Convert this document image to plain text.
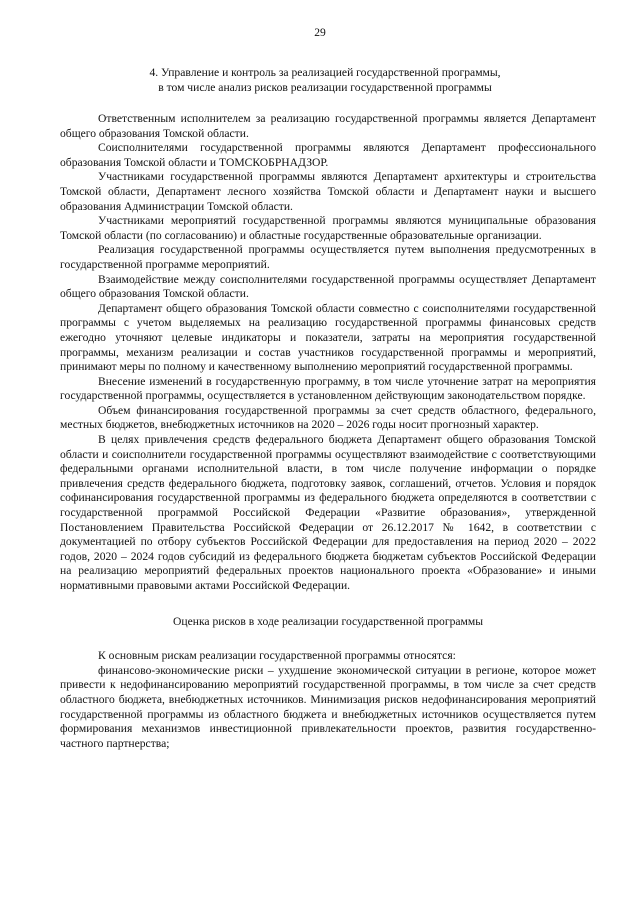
29
4. Управление и контроль за реализацией государственной программы,
в том числе анализ рисков реализации государственной программы

Ответственным исполнителем за реализацию государственной программы является Департамент общего образования Томской области.

Соисполнителями государственной программы являются Департамент профессионального образования Томской области и ТОМСКОБРНАДЗОР.

Участниками государственной программы являются Департамент архитектуры и строительства Томской области, Департамент лесного хозяйства Томской области и Департамент науки и высшего образования Администрации Томской области.

Участниками мероприятий государственной программы являются муниципальные образования Томской области (по согласованию) и областные государственные образовательные организации.

Реализация государственной программы осуществляется путем выполнения предусмотренных в государственной программе мероприятий.

Взаимодействие между соисполнителями государственной программы осуществляет Департамент общего образования Томской области.

Департамент общего образования Томской области совместно с соисполнителями государственной программы с учетом выделяемых на реализацию государственной программы финансовых средств ежегодно уточняют целевые индикаторы и показатели, затраты на мероприятия государственной программы, механизм реализации и состав участников государственной программы и мероприятий, принимают меры по полному и качественному выполнению мероприятий государственной программы.

Внесение изменений в государственную программу, в том числе уточнение затрат на мероприятия государственной программы, осуществляется в установленном действующим законодательством порядке.

Объем финансирования государственной программы за счет средств областного, федерального, местных бюджетов, внебюджетных источников на 2020 – 2026 годы носит прогнозный характер.

В целях привлечения средств федерального бюджета Департамент общего образования Томской области и соисполнители государственной программы осуществляют взаимодействие с соответствующими федеральными органами исполнительной власти, в том числе получение информации о порядке привлечения средств федерального бюджета, подготовку заявок, соглашений, отчетов. Условия и порядок софинансирования государственной программы из федерального бюджета определяются в соответствии с государственной программой Российской Федерации «Развитие образования», утвержденной Постановлением Правительства Российской Федерации от 26.12.2017 № 1642, в соответствии с документацией по отбору субъектов Российской Федерации для предоставления на период 2020 – 2022 годов, 2020 – 2024 годов субсидий из федерального бюджета бюджетам субъектов Российской Федерации на реализацию мероприятий федеральных проектов национального проекта «Образование» и иными нормативными правовыми актами Российской Федерации.

Оценка рисков в ходе реализации государственной программы

К основным рискам реализации государственной программы относятся:

финансово-экономические риски – ухудшение экономической ситуации в регионе, которое может привести к недофинансированию мероприятий государственной программы, в том числе за счет средств областного бюджета, внебюджетных источников. Минимизация рисков недофинансирования мероприятий государственной программы из областного бюджета и внебюджетных источников осуществляется путем формирования механизмов инвестиционной привлекательности проектов, развития государственно-частного партнерства;
